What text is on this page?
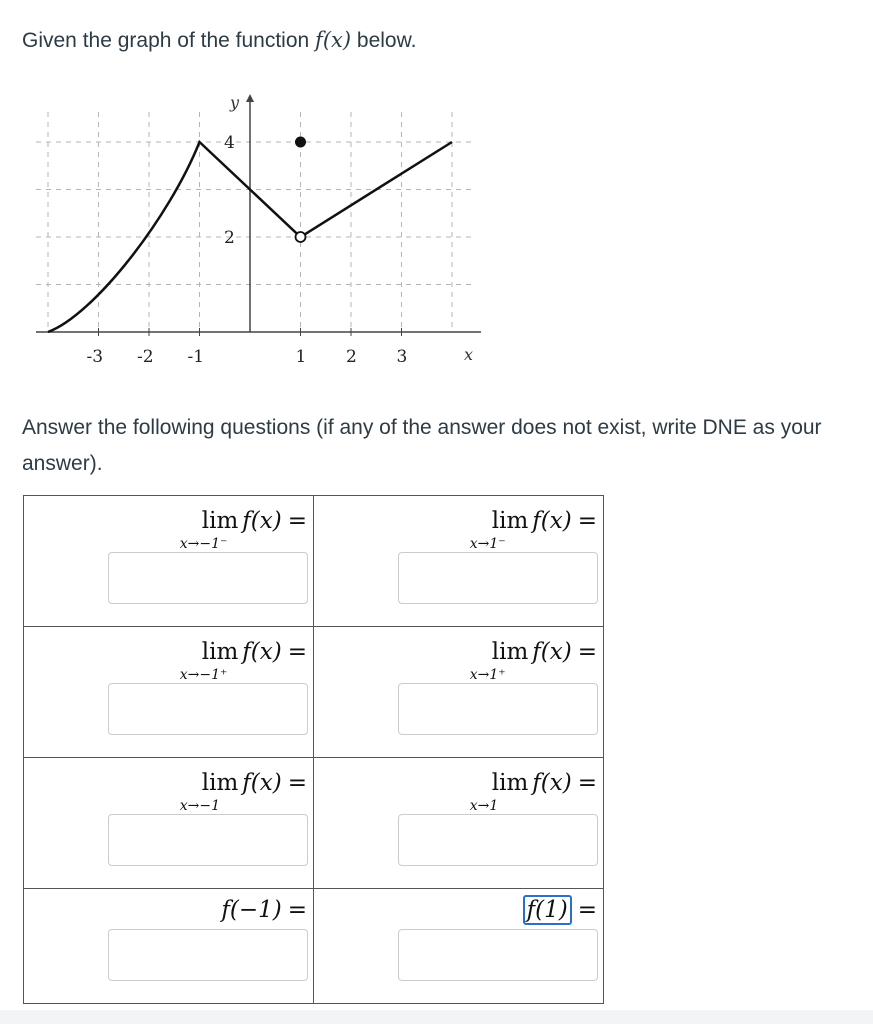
Given the graph of the function f(x) below.
-3 -2 -1	1 2 3
2
4
x
y
Answer the following questions (if any of the answer does not exist, write DNE as your answer).
lim
x→−1⁻
f(x) =	lim
x→1⁻
f(x) =

lim
x→−1⁺
f(x) =	lim
x→1⁺
f(x) =

lim
x→−1
f(x) =	lim
x→1
f(x) =

f(−1) =	f(1) =
